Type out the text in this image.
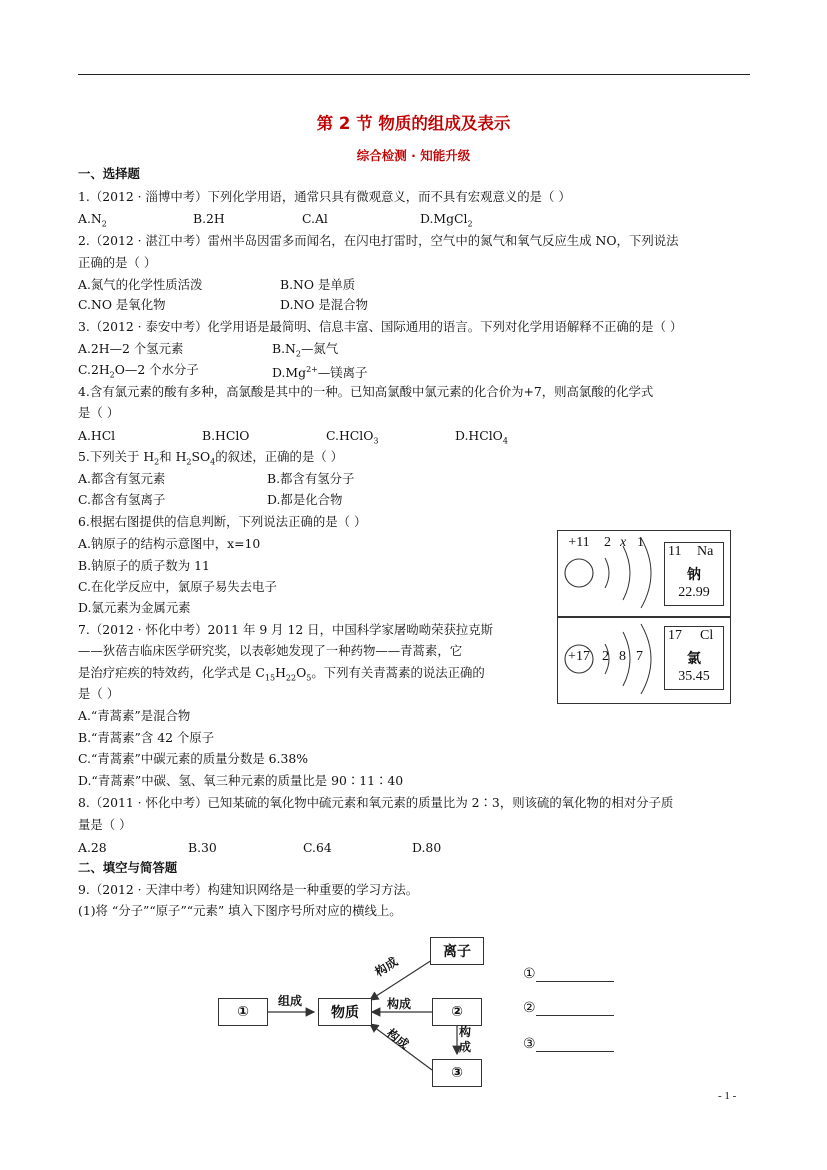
第 2 节 物质的组成及表示
综合检测 · 知能升级
一、选择题
1.（2012 · 淄博中考）下列化学用语，通常只具有微观意义，而不具有宏观意义的是（ ）
$A.N_2$	B.2H	C.Al	D.MgCl$_2$
2.（2012 · 湛江中考）雷州半岛因雷多而闻名，在闪电打雷时，空气中的氮气和氧气反应生成 NO，下列说法
正确的是（ ）
A.氮气的化学性质活泼	B.NO 是单质
C.NO 是氧化物	D.NO 是混合物
3.（2012 · 泰安中考）化学用语是最简明、信息丰富、国际通用的语言。下列对化学用语解释不正确的是（ ）
A.2H—2 个氢元素	$B.N_2—$氮气
$C.2H_2O—2$ 个水分子	$D.Mg^{2+}—$镁离子
4.含有氯元素的酸有多种，高氯酸是其中的一种。已知高氯酸中氯元素的化合价为+7，则高氯酸的化学式
是（ ）
A.HCl	B.HClO	C.HClO$_3$	D.HClO$_4$
5.下列关于 $H_2$和 $H_2SO_4$的叙述，正确的是（ ）
A.都含有氢元素	B.都含有氢分子
C.都含有氢离子	D.都是化合物
6.根据右图提供的信息判断，下列说法正确的是（ ）
A.钠原子的结构示意图中，x=10
B.钠原子的质子数为 11
C.在化学反应中，氯原子易失去电子
D.氯元素为金属元素
+11	2 x 1
11 Na
钠
22.99
+17 2 8 7
17 Cl
氯
35.45
7.（2012 · 怀化中考）2011 年 9 月 12 日，中国科学家屠呦呦荣获拉克斯
——狄蓓吉临床医学研究奖，以表彰她发现了一种药物——青蒿素，它
是治疗疟疾的特效药，化学式是 $C_{15}H_{22}O_5$。下列有关青蒿素的说法正确的
是（ ）
A.“青蒿素”是混合物
B.“青蒿素”含 42 个原子
C.“青蒿素”中碳元素的质量分数是 6.38%
D.“青蒿素”中碳、氢、氧三种元素的质量比是 90∶11∶40
8.（2011 · 怀化中考）已知某硫的氧化物中硫元素和氧元素的质量比为 2∶3，则该硫的氧化物的相对分子质
量是（ ）
A.28	B.30	C.64	D.80
二、填空与简答题
9.（2012 · 天津中考）构建知识网络是一种重要的学习方法。
(1)将 “分子”“原子”“元素” 填入下图序号所对应的横线上。
①	物质
离子
②
③
组成
构成
构成
构成
构成
①
②
③
- 1 -
